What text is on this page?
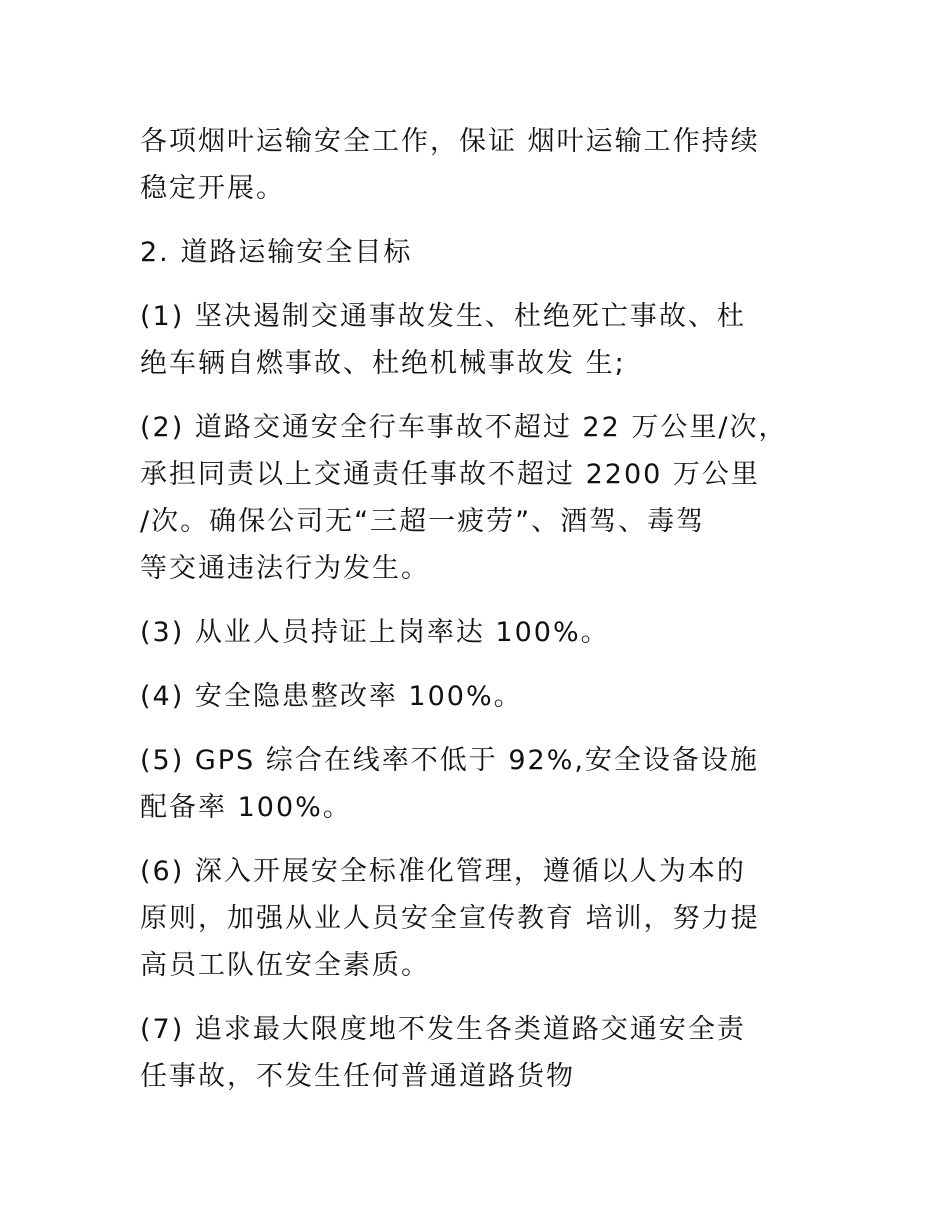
各项烟叶运输安全工作，保证 烟叶运输工作持续
稳定开展。

2. 道路运输安全目标

(1) 坚决遏制交通事故发生、杜绝死亡事故、杜
绝车辆自燃事故、杜绝机械事故发 生;

(2) 道路交通安全行车事故不超过 22 万公里/次，
承担同责以上交通责任事故不超过 2200 万公里
/次。确保公司无“三超一疲劳”、酒驾、毒驾
等交通违法行为发生。

(3) 从业人员持证上岗率达 100%。

(4) 安全隐患整改率 100%。

(5) GPS 综合在线率不低于 92%,安全设备设施
配备率 100%。

(6) 深入开展安全标准化管理，遵循以人为本的
原则，加强从业人员安全宣传教育 培训，努力提
高员工队伍安全素质。

(7) 追求最大限度地不发生各类道路交通安全责
任事故，不发生任何普通道路货物
